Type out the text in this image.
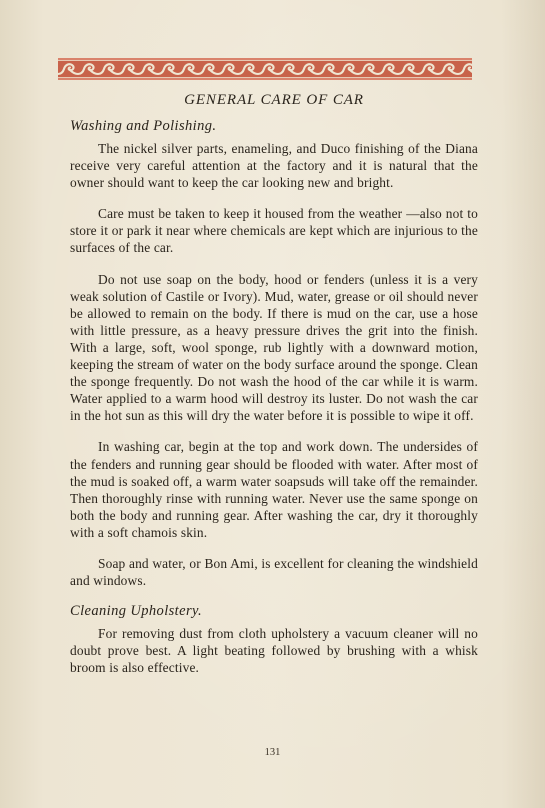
GENERAL CARE OF CAR
Washing and Polishing.

The nickel silver parts, enameling, and Duco finishing of the Diana receive very careful attention at the factory and it is natural that the owner should want to keep the car looking new and bright.

Care must be taken to keep it housed from the weather —also not to store it or park it near where chemicals are kept which are injurious to the surfaces of the car.

Do not use soap on the body, hood or fenders (unless it is a very weak solution of Castile or Ivory). Mud, water, grease or oil should never be allowed to remain on the body. If there is mud on the car, use a hose with little pressure, as a heavy pressure drives the grit into the finish. With a large, soft, wool sponge, rub lightly with a downward motion, keeping the stream of water on the body surface around the sponge. Clean the sponge frequently. Do not wash the hood of the car while it is warm. Water applied to a warm hood will destroy its luster. Do not wash the car in the hot sun as this will dry the water before it is possible to wipe it off.

In washing car, begin at the top and work down. The undersides of the fenders and running gear should be flooded with water. After most of the mud is soaked off, a warm water soapsuds will take off the remainder. Then thoroughly rinse with running water. Never use the same sponge on both the body and running gear. After washing the car, dry it thoroughly with a soft chamois skin.

Soap and water, or Bon Ami, is excellent for cleaning the windshield and windows.

Cleaning Upholstery.

For removing dust from cloth upholstery a vacuum cleaner will no doubt prove best. A light beating followed by brushing with a whisk broom is also effective.

131
